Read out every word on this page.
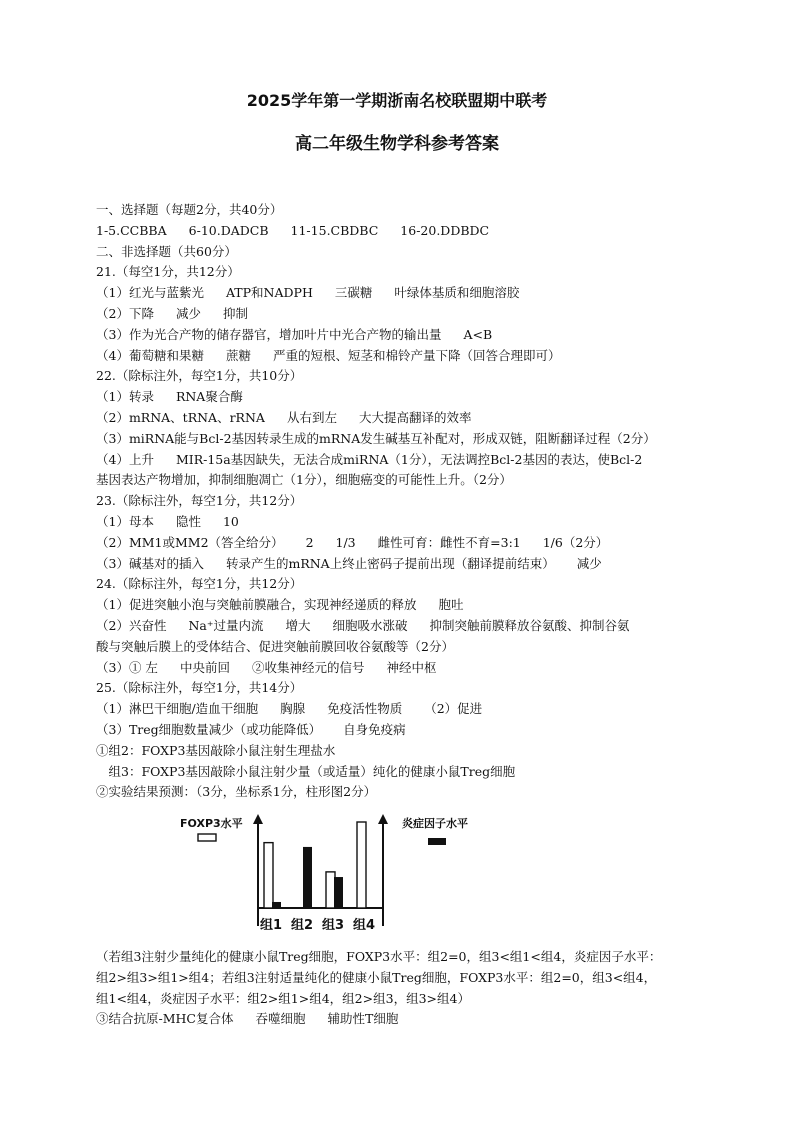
2025学年第一学期浙南名校联盟期中联考
高二年级生物学科参考答案
一、选择题（每题2分，共40分）
1-5.CCBBA 6-10.DADCB 11-15.CBDBC 16-20.DDBDC
二、非选择题（共60分）
21.（每空1分，共12分）
（1）红光与蓝紫光 ATP和NADPH 三碳糖 叶绿体基质和细胞溶胶
（2）下降 减少 抑制
（3）作为光合产物的储存器官，增加叶片中光合产物的输出量 A<B
（4）葡萄糖和果糖 蔗糖 严重的短根、短茎和棉铃产量下降（回答合理即可）
22.（除标注外，每空1分，共10分）
（1）转录 RNA聚合酶
（2）mRNA、tRNA、rRNA 从右到左 大大提高翻译的效率
（3）miRNA能与Bcl-2基因转录生成的mRNA发生碱基互补配对，形成双链，阻断翻译过程（2分）
（4）上升 MIR-15a基因缺失，无法合成miRNA（1分），无法调控Bcl-2基因的表达，使Bcl-2
基因表达产物增加，抑制细胞凋亡（1分），细胞癌变的可能性上升。（2分）
23.（除标注外，每空1分，共12分）
（1）母本 隐性 10
（2）MM1或MM2（答全给分） 2 1/3 雌性可育：雌性不育=3:1 1/6（2分）
（3）碱基对的插入 转录产生的mRNA上终止密码子提前出现（翻译提前结束） 减少
24.（除标注外，每空1分，共12分）
（1）促进突触小泡与突触前膜融合，实现神经递质的释放 胞吐
（2）兴奋性 Na⁺过量内流 增大 细胞吸水涨破 抑制突触前膜释放谷氨酸、抑制谷氨
酸与突触后膜上的受体结合、促进突触前膜回收谷氨酸等（2分）
（3）① 左 中央前回 ②收集神经元的信号 神经中枢
25.（除标注外，每空1分，共14分）
（1）淋巴干细胞/造血干细胞 胸腺 免疫活性物质 （2）促进
（3）Treg细胞数量减少（或功能降低） 自身免疫病
①组2：FOXP3基因敲除小鼠注射生理盐水
　组3：FOXP3基因敲除小鼠注射少量（或适量）纯化的健康小鼠Treg细胞
②实验结果预测：（3分，坐标系1分，柱形图2分）
FOXP3水平	炎症因子水平
组1 组2 组3 组4
（若组3注射少量纯化的健康小鼠Treg细胞，FOXP3水平：组2=0，组3<组1<组4，炎症因子水平：
组2>组3>组1>组4；若组3注射适量纯化的健康小鼠Treg细胞，FOXP3水平：组2=0，组3<组4，
组1<组4，炎症因子水平：组2>组1>组4，组2>组3，组3>组4）
③结合抗原-MHC复合体 吞噬细胞 辅助性T细胞
